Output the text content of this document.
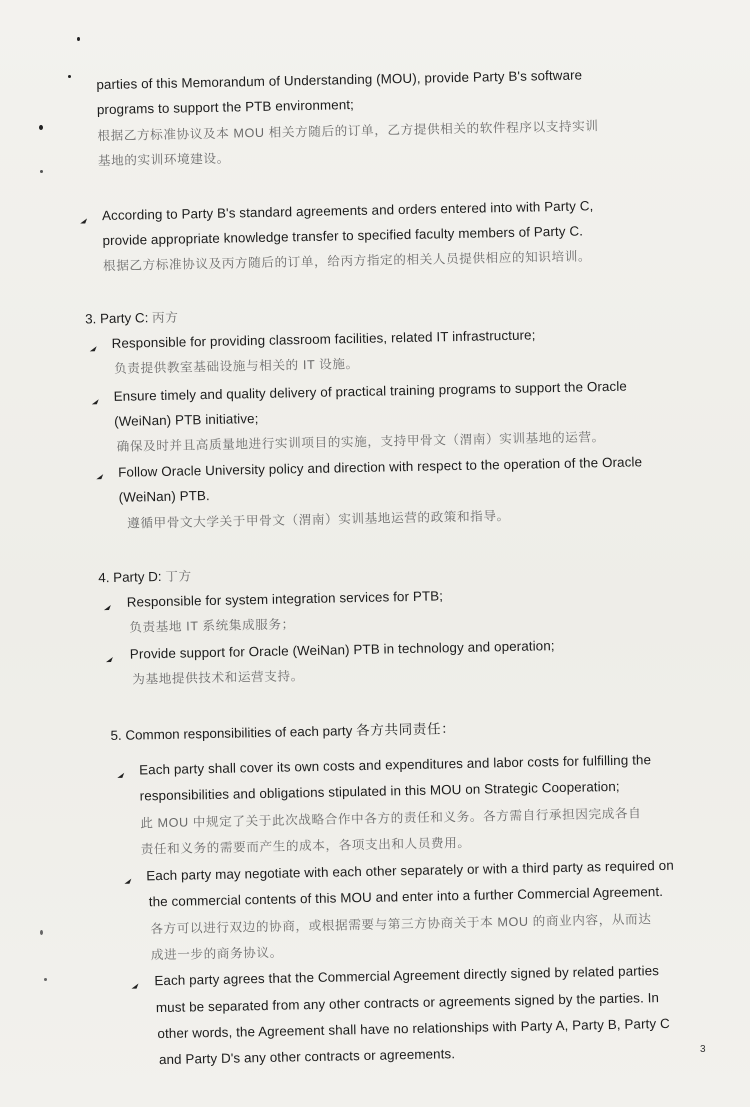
parties of this Memorandum of Understanding (MOU), provide Party B's software
programs to support the PTB environment;
根据乙方标准协议及本 MOU 相关方随后的订单，乙方提供相关的软件程序以支持实训
基地的实训环境建设。
According to Party B's standard agreements and orders entered into with Party C,
provide appropriate knowledge transfer to specified faculty members of Party C.
根据乙方标准协议及丙方随后的订单，给丙方指定的相关人员提供相应的知识培训。
3. Party C: 丙方
Responsible for providing classroom facilities, related IT infrastructure;
负责提供教室基础设施与相关的 IT 设施。
Ensure timely and quality delivery of practical training programs to support the Oracle
(WeiNan) PTB initiative;
确保及时并且高质量地进行实训项目的实施，支持甲骨文（渭南）实训基地的运营。
Follow Oracle University policy and direction with respect to the operation of the Oracle
(WeiNan) PTB.
遵循甲骨文大学关于甲骨文（渭南）实训基地运营的政策和指导。
4. Party D: 丁方
Responsible for system integration services for PTB;
负责基地 IT 系统集成服务；
Provide support for Oracle (WeiNan) PTB in technology and operation;
为基地提供技术和运营支持。
5. Common responsibilities of each party 各方共同责任：
Each party shall cover its own costs and expenditures and labor costs for fulfilling the
responsibilities and obligations stipulated in this MOU on Strategic Cooperation;
此 MOU 中规定了关于此次战略合作中各方的责任和义务。各方需自行承担因完成各自
责任和义务的需要而产生的成本，各项支出和人员费用。
Each party may negotiate with each other separately or with a third party as required on
the commercial contents of this MOU and enter into a further Commercial Agreement.
各方可以进行双边的协商，或根据需要与第三方协商关于本 MOU 的商业内容，从而达
成进一步的商务协议。
Each party agrees that the Commercial Agreement directly signed by related parties
must be separated from any other contracts or agreements signed by the parties. In
other words, the Agreement shall have no relationships with Party A, Party B, Party C
and Party D's any other contracts or agreements.	3
